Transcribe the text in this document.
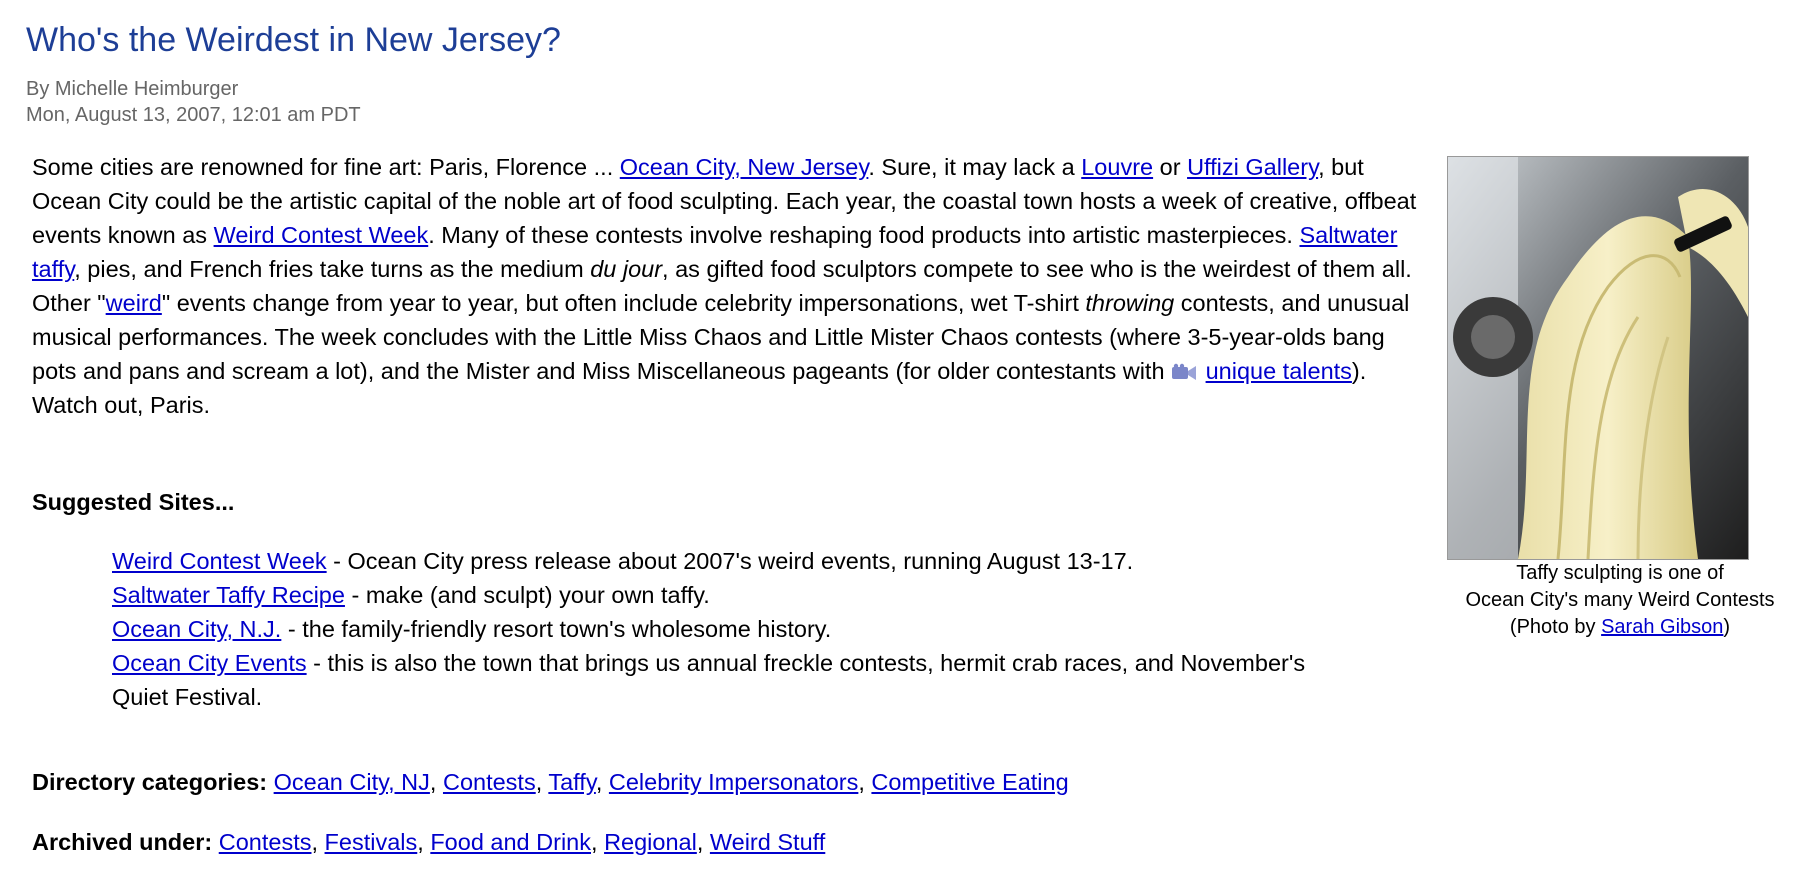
Who's the Weirdest in New Jersey?
By Michelle Heimburger
Mon, August 13, 2007, 12:01 am PDT

Some cities are renowned for fine art: Paris, Florence ... Ocean City, New Jersey. Sure, it may lack a Louvre or Uffizi Gallery, but Ocean City could be the artistic capital of the noble art of food sculpting. Each year, the coastal town hosts a week of creative, offbeat events known as Weird Contest Week. Many of these contests involve reshaping food products into artistic masterpieces. Saltwater taffy, pies, and French fries take turns as the medium du jour, as gifted food sculptors compete to see who is the weirdest of them all. Other "weird" events change from year to year, but often include celebrity impersonations, wet T-shirt throwing contests, and unusual musical performances. The week concludes with the Little Miss Chaos and Little Mister Chaos contests (where 3-5-year-olds bang pots and pans and scream a lot), and the Mister and Miss Miscellaneous pageants (for older contestants with  unique talents). Watch out, Paris.

Suggested Sites...
Weird Contest Week - Ocean City press release about 2007's weird events, running August 13-17.
Saltwater Taffy Recipe - make (and sculpt) your own taffy.
Ocean City, N.J. - the family-friendly resort town's wholesome history.
Ocean City Events - this is also the town that brings us annual freckle contests, hermit crab races, and November's Quiet Festival.
Directory categories: Ocean City, NJ, Contests, Taffy, Celebrity Impersonators, Competitive Eating
Archived under: Contests, Festivals, Food and Drink, Regional, Weird Stuff
Taffy sculpting is one of
Ocean City's many Weird Contests
(Photo by Sarah Gibson)
